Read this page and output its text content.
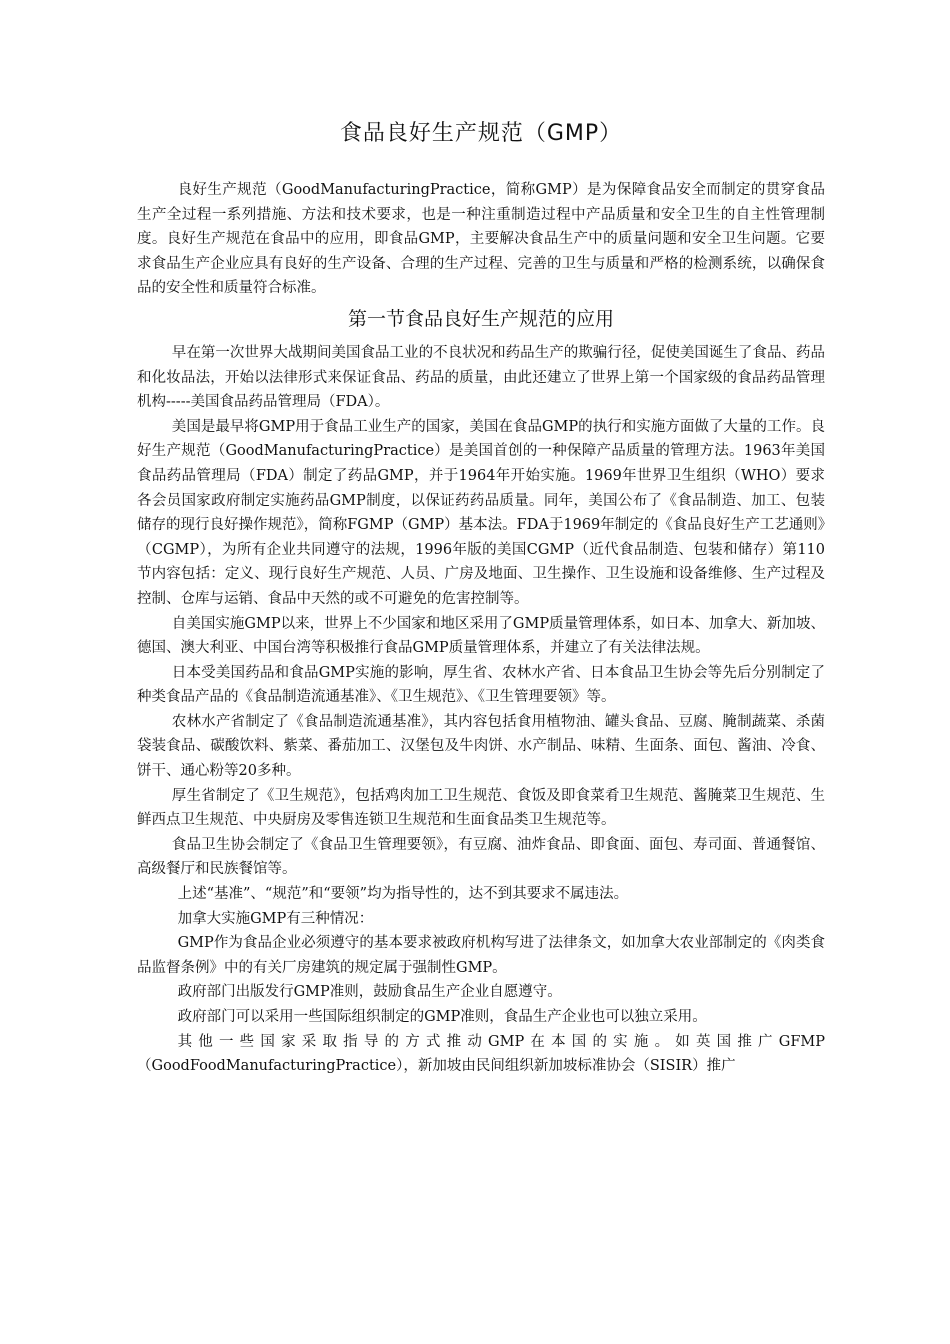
食品良好生产规范（GMP）

良好生产规范（GoodManufacturingPractice，简称GMP）是为保障食品安全而制定的贯穿食品生产全过程一系列措施、方法和技术要求，也是一种注重制造过程中产品质量和安全卫生的自主性管理制度。良好生产规范在食品中的应用，即食品GMP，主要解决食品生产中的质量问题和安全卫生问题。它要求食品生产企业应具有良好的生产设备、合理的生产过程、完善的卫生与质量和严格的检测系统，以确保食品的安全性和质量符合标准。

第一节食品良好生产规范的应用

早在第一次世界大战期间美国食品工业的不良状况和药品生产的欺骗行径，促使美国诞生了食品、药品和化妆品法，开始以法律形式来保证食品、药品的质量，由此还建立了世界上第一个国家级的食品药品管理机构-----美国食品药品管理局（FDA）。

美国是最早将GMP用于食品工业生产的国家，美国在食品GMP的执行和实施方面做了大量的工作。良好生产规范（GoodManufacturingPractice）是美国首创的一种保障产品质量的管理方法。1963年美国食品药品管理局（FDA）制定了药品GMP，并于1964年开始实施。1969年世界卫生组织（WHO）要求各会员国家政府制定实施药品GMP制度，以保证药药品质量。同年，美国公布了《食品制造、加工、包装储存的现行良好操作规范》，简称FGMP（GMP）基本法。FDA于1969年制定的《食品良好生产工艺通则》（CGMP），为所有企业共同遵守的法规，1996年版的美国CGMP（近代食品制造、包装和储存）第110节内容包括：定义、现行良好生产规范、人员、广房及地面、卫生操作、卫生设施和设备维修、生产过程及控制、仓库与运销、食品中天然的或不可避免的危害控制等。

自美国实施GMP以来，世界上不少国家和地区采用了GMP质量管理体系，如日本、加拿大、新加坡、德国、澳大利亚、中国台湾等积极推行食品GMP质量管理体系，并建立了有关法律法规。

日本受美国药品和食品GMP实施的影响，厚生省、农林水产省、日本食品卫生协会等先后分别制定了种类食品产品的《食品制造流通基准》、《卫生规范》、《卫生管理要领》等。

农林水产省制定了《食品制造流通基准》，其内容包括食用植物油、罐头食品、豆腐、腌制蔬菜、杀菌袋装食品、碳酸饮料、紫菜、番茄加工、汉堡包及牛肉饼、水产制品、味精、生面条、面包、酱油、冷食、饼干、通心粉等20多种。

厚生省制定了《卫生规范》，包括鸡肉加工卫生规范、食饭及即食菜肴卫生规范、酱腌菜卫生规范、生鲜西点卫生规范、中央厨房及零售连锁卫生规范和生面食品类卫生规范等。

食品卫生协会制定了《食品卫生管理要领》，有豆腐、油炸食品、即食面、面包、寿司面、普通餐馆、高级餐厅和民族餐馆等。

上述“基准”、“规范”和“要领”均为指导性的，达不到其要求不属违法。

加拿大实施GMP有三种情况：

GMP作为食品企业必须遵守的基本要求被政府机构写进了法律条文，如加拿大农业部制定的《肉类食品监督条例》中的有关厂房建筑的规定属于强制性GMP。

政府部门出版发行GMP准则，鼓励食品生产企业自愿遵守。

政府部门可以采用一些国际组织制定的GMP准则，食品生产企业也可以独立采用。

其他一些国家采取指导的方式推动GMP在本国的实施。如英国推广GFMP（GoodFoodManufacturingPractice），新加坡由民间组织新加坡标准协会（SISIR）推广
